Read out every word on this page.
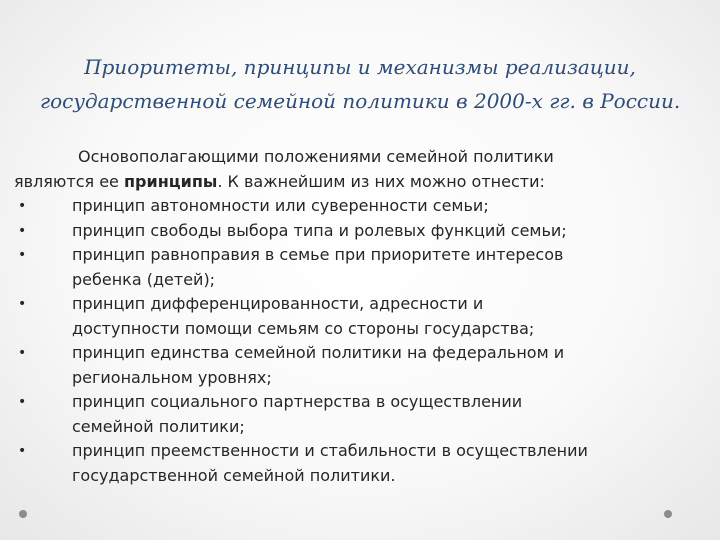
Приоритеты, принципы и механизмы реализации,
государственной семейной политики в 2000-х гг. в России.

Основополагающими положениями семейной политики
являются ее принципы. К важнейшим из них можно отнести:

•	принцип автономности или суверенности семьи;
•	принцип свободы выбора типа и ролевых функций семьи;
•	принцип равноправия в семье при приоритете интересов
ребенка (детей);
•	принцип дифференцированности, адресности и
доступности помощи семьям со стороны государства;
•	принцип единства семейной политики на федеральном и
региональном уровнях;
•	принцип социального партнерства в осуществлении
семейной политики;
•	принцип преемственности и стабильности в осуществлении
государственной семейной политики.
